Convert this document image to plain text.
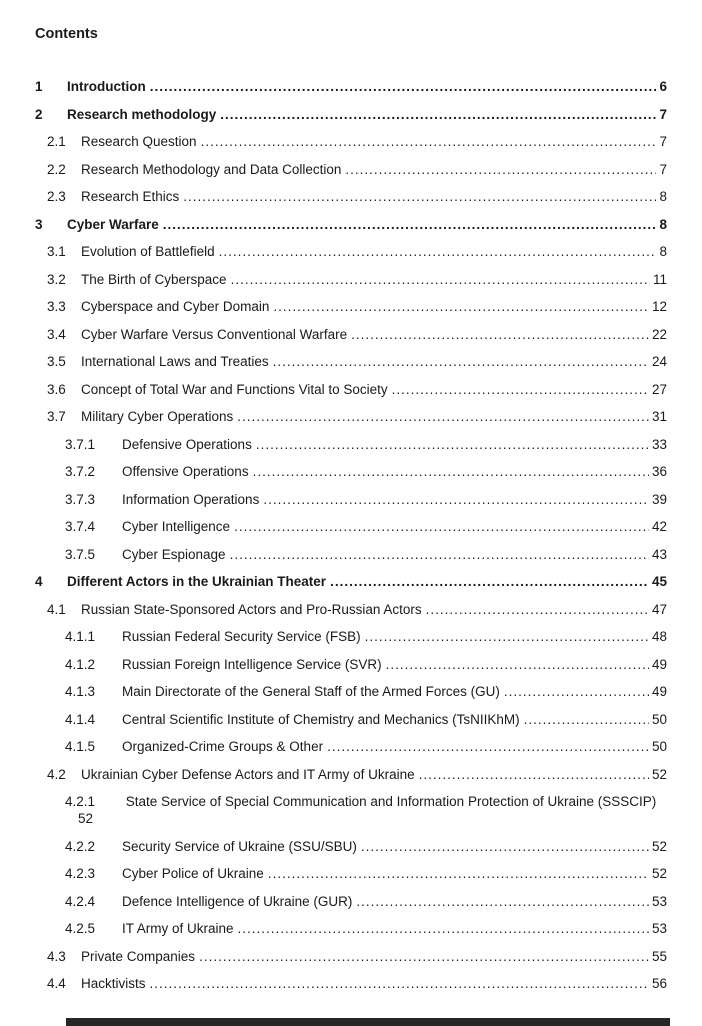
Contents
1	Introduction .....	6
2	Research methodology .....	7
2.1	Research Question .....	7
2.2	Research Methodology and Data Collection .....	7
2.3	Research Ethics .....	8
3	Cyber Warfare .....	8
3.1	Evolution of Battlefield .....	8
3.2	The Birth of Cyberspace .....	11
3.3	Cyberspace and Cyber Domain .....	12
3.4	Cyber Warfare Versus Conventional Warfare .....	22
3.5	International Laws and Treaties .....	24
3.6	Concept of Total War and Functions Vital to Society .....	27
3.7	Military Cyber Operations .....	31
3.7.1	Defensive Operations .....	33
3.7.2	Offensive Operations .....	36
3.7.3	Information Operations .....	39
3.7.4	Cyber Intelligence .....	42
3.7.5	Cyber Espionage .....	43
4	Different Actors in the Ukrainian Theater .....	45
4.1	Russian State-Sponsored Actors and Pro-Russian Actors .....	47
4.1.1	Russian Federal Security Service (FSB) .....	48
4.1.2	Russian Foreign Intelligence Service (SVR) .....	49
4.1.3	Main Directorate of the General Staff of the Armed Forces (GU) .....	49
4.1.4	Central Scientific Institute of Chemistry and Mechanics (TsNIIKhM) .....	50
4.1.5	Organized-Crime Groups & Other .....	50
4.2	Ukrainian Cyber Defense Actors and IT Army of Ukraine .....	52
4.2.1 State Service of Special Communication and Information Protection of Ukraine (SSSCIP) 52
4.2.2	Security Service of Ukraine (SSU/SBU) .....	52
4.2.3	Cyber Police of Ukraine .....	52
4.2.4	Defence Intelligence of Ukraine (GUR) .....	53
4.2.5	IT Army of Ukraine .....	53
4.3	Private Companies .....	55
4.4	Hacktivists .....	56
